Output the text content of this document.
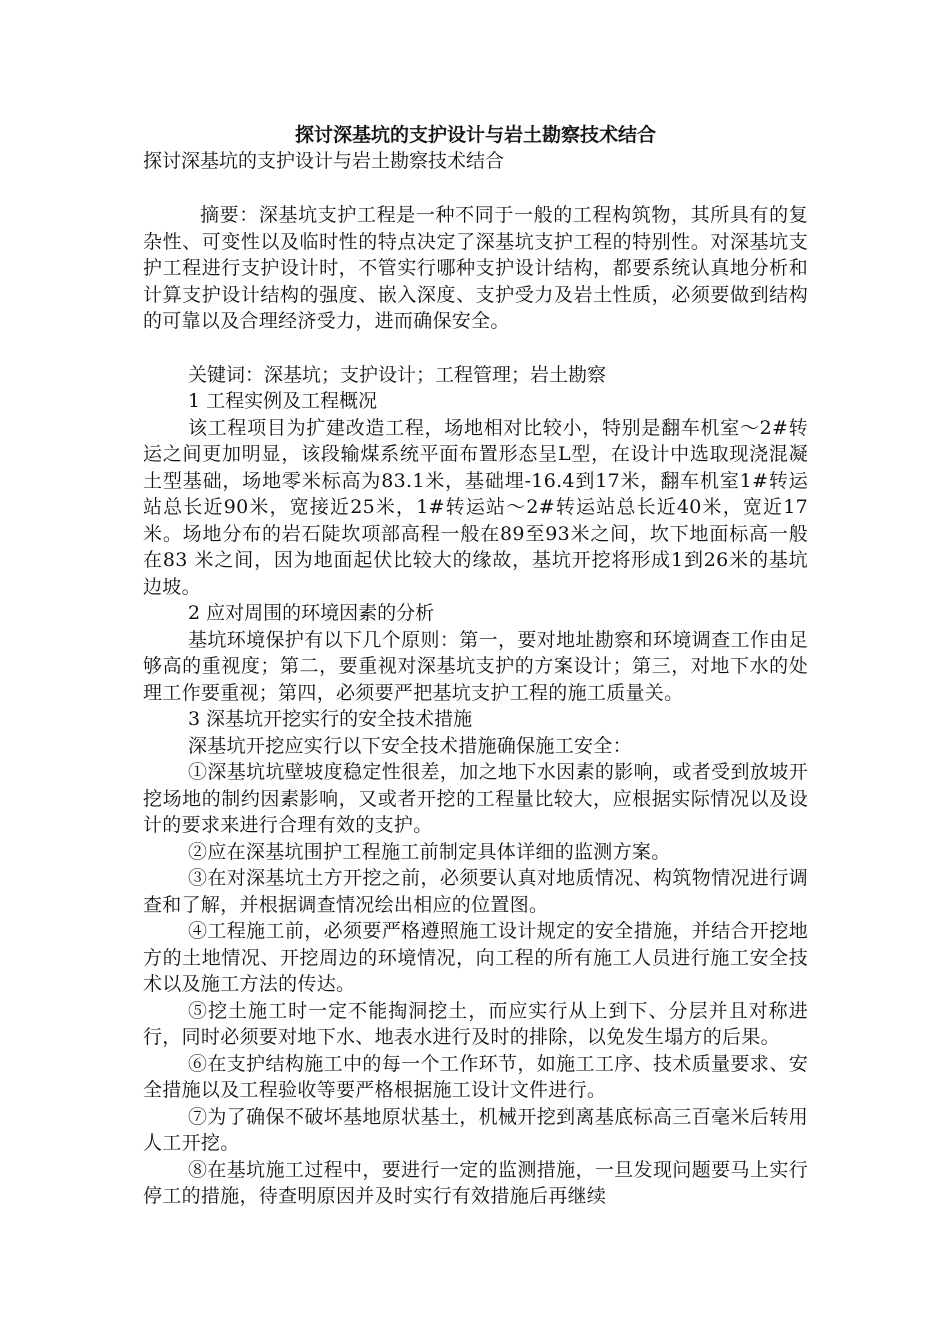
探讨深基坑的支护设计与岩土勘察技术结合

探讨深基坑的支护设计与岩土勘察技术结合

摘要：深基坑支护工程是一种不同于一般的工程构筑物，其所具有的复杂性、可变性以及临时性的特点决定了深基坑支护工程的特别性。对深基坑支护工程进行支护设计时，不管实行哪种支护设计结构，都要系统认真地分析和计算支护设计结构的强度、嵌入深度、支护受力及岩土性质，必须要做到结构的可靠以及合理经济受力，进而确保安全。

关键词：深基坑；支护设计；工程管理；岩土勘察

1 工程实例及工程概况

该工程项目为扩建改造工程，场地相对比较小，特别是翻车机室～2#转运之间更加明显，该段输煤系统平面布置形态呈L型，在设计中选取现浇混凝土型基础，场地零米标高为83.1米，基础埋-16.4到17米，翻车机室1#转运站总长近90米，宽接近25米，1#转运站～2#转运站总长近40米，宽近17米。场地分布的岩石陡坎项部高程一般在89至93米之间，坎下地面标高一般在83 米之间，因为地面起伏比较大的缘故，基坑开挖将形成1到26米的基坑边坡。

2 应对周围的环境因素的分析

基坑环境保护有以下几个原则：第一，要对地址勘察和环境调查工作由足够高的重视度；第二，要重视对深基坑支护的方案设计；第三，对地下水的处理工作要重视；第四，必须要严把基坑支护工程的施工质量关。

3 深基坑开挖实行的安全技术措施

深基坑开挖应实行以下安全技术措施确保施工安全：

①深基坑坑壁坡度稳定性很差，加之地下水因素的影响，或者受到放坡开挖场地的制约因素影响，又或者开挖的工程量比较大，应根据实际情况以及设计的要求来进行合理有效的支护。

②应在深基坑围护工程施工前制定具体详细的监测方案。

③在对深基坑土方开挖之前，必须要认真对地质情况、构筑物情况进行调查和了解，并根据调查情况绘出相应的位置图。

④工程施工前，必须要严格遵照施工设计规定的安全措施，并结合开挖地方的土地情况、开挖周边的环境情况，向工程的所有施工人员进行施工安全技术以及施工方法的传达。

⑤挖土施工时一定不能掏洞挖土，而应实行从上到下、分层并且对称进行，同时必须要对地下水、地表水进行及时的排除，以免发生塌方的后果。

⑥在支护结构施工中的每一个工作环节，如施工工序、技术质量要求、安全措施以及工程验收等要严格根据施工设计文件进行。

⑦为了确保不破坏基地原状基土，机械开挖到离基底标高三百毫米后转用人工开挖。

⑧在基坑施工过程中，要进行一定的监测措施，一旦发现问题要马上实行停工的措施，待查明原因并及时实行有效措施后再继续
